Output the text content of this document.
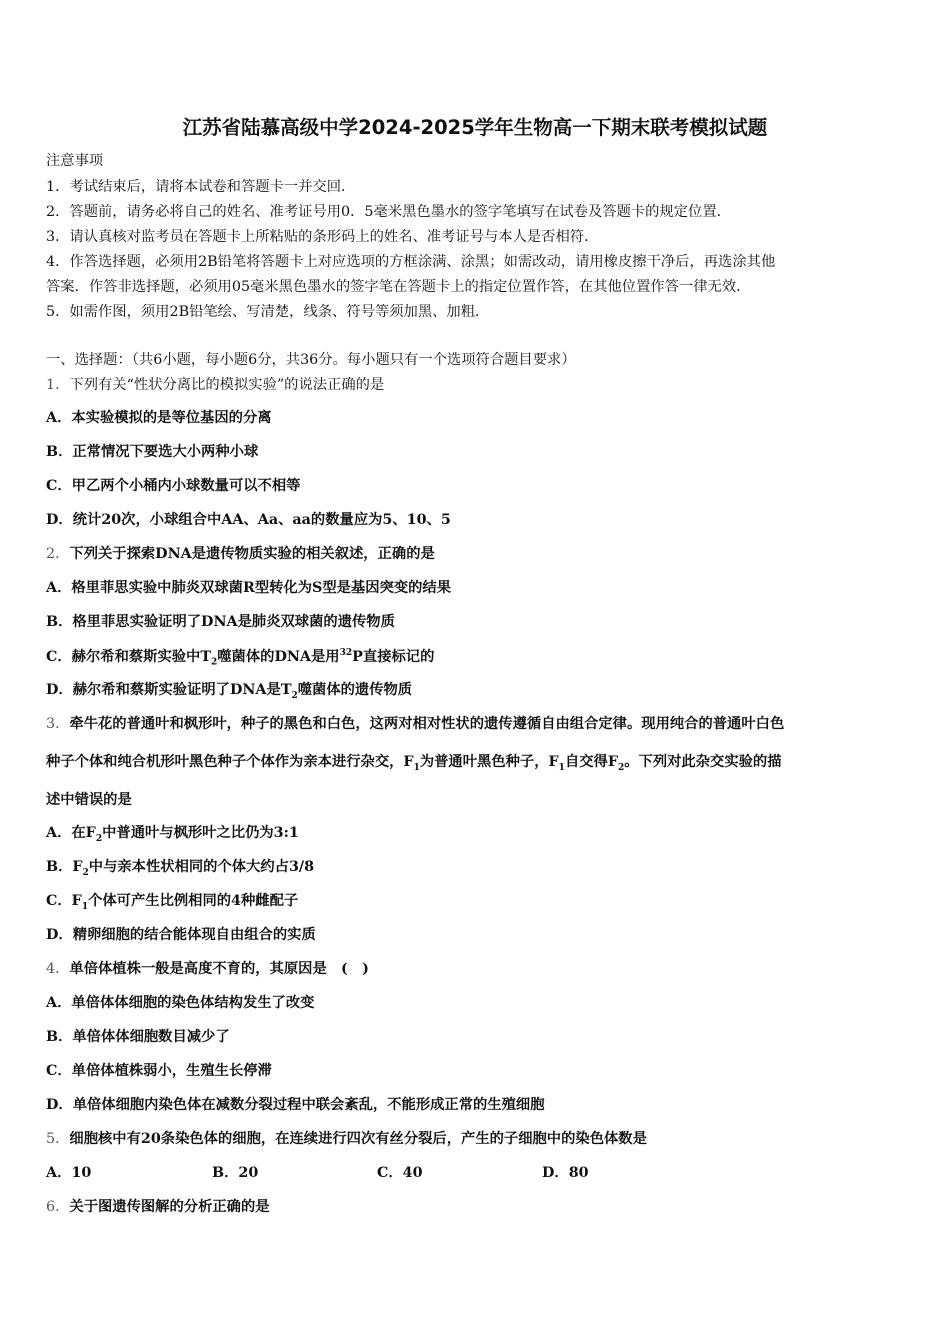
江苏省陆慕高级中学2024-2025学年生物高一下期末联考模拟试题
注意事项
1．考试结束后，请将本试卷和答题卡一并交回．
2．答题前，请务必将自己的姓名、准考证号用0．5毫米黑色墨水的签字笔填写在试卷及答题卡的规定位置．
3．请认真核对监考员在答题卡上所粘贴的条形码上的姓名、准考证号与本人是否相符．
4．作答选择题，必须用2B铅笔将答题卡上对应选项的方框涂满、涂黑；如需改动，请用橡皮擦干净后，再选涂其他
答案．作答非选择题，必须用05毫米黑色墨水的签字笔在答题卡上的指定位置作答，在其他位置作答一律无效．
5．如需作图，须用2B铅笔绘、写清楚，线条、符号等须加黑、加粗．
一、选择题：（共6小题，每小题6分，共36分。每小题只有一个选项符合题目要求）
1．下列有关“性状分离比的模拟实验”的说法正确的是
A．本实验模拟的是等位基因的分离
B．正常情况下要选大小两种小球
C．甲乙两个小桶内小球数量可以不相等
D．统计20次，小球组合中AA、Aa、aa的数量应为5、10、5
2．下列关于探索DNA是遗传物质实验的相关叙述，正确的是
A．格里菲思实验中肺炎双球菌R型转化为S型是基因突变的结果
B．格里菲思实验证明了DNA是肺炎双球菌的遗传物质
C．赫尔希和蔡斯实验中$T_2$噬菌体的DNA是用$^{32}$P直接标记的
D．赫尔希和蔡斯实验证明了DNA是$T_2$噬菌体的遗传物质
3．牵牛花的普通叶和枫形叶，种子的黑色和白色，这两对相对性状的遗传遵循自由组合定律。现用纯合的普通叶白色
种子个体和纯合机形叶黑色种子个体作为亲本进行杂交，$F_1$为普通叶黑色种子，$F_1$自交得$F_2$。下列对此杂交实验的描
述中错误的是
A．在$F_2$中普通叶与枫形叶之比仍为3:1
B．$F_2$中与亲本性状相同的个体大约占3/8
C．$F_1$个体可产生比例相同的4种雌配子
D．精卵细胞的结合能体现自由组合的实质
4．单倍体植株一般是高度不育的，其原因是　(　)
A．单倍体体细胞的染色体结构发生了改变
B．单倍体体细胞数目减少了
C．单倍体植株弱小，生殖生长停滞
D．单倍体细胞内染色体在减数分裂过程中联会紊乱，不能形成正常的生殖细胞
5．细胞核中有20条染色体的细胞，在连续进行四次有丝分裂后，产生的子细胞中的染色体数是
A．10	B．20	C．40	D．80
6．关于图遗传图解的分析正确的是
